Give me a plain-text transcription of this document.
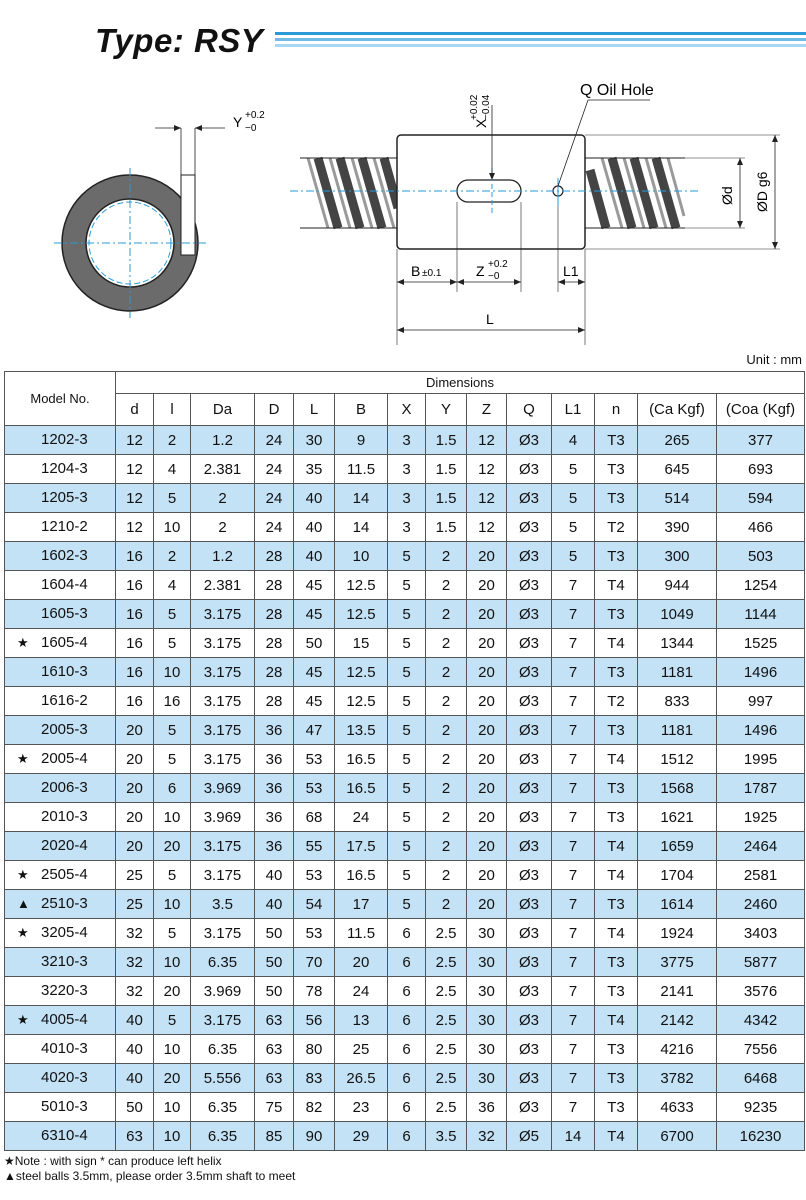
Type: RSY
Y +0.2
−0	X
+0.02 −0.04
Q Oil Hole
Ød ØD g6
B ±0.1 Z +0.2
−0	L1
L
Unit : mm
Model No.	Dimensions													
	d	l	Da	D	L	B	X	Y	Z	Q	L1	n	(Ca Kgf)	(Coa (Kgf)

1202-3	12	2	1.2	24	30	9	3	1.5	12	Ø3	4	T3	265	377

1204-3	12	4	2.381	24	35	11.5	3	1.5	12	Ø3	5	T3	645	693

1205-3	12	5	2	24	40	14	3	1.5	12	Ø3	5	T3	514	594

1210-2	12	10	2	24	40	14	3	1.5	12	Ø3	5	T2	390	466

1602-3	16	2	1.2	28	40	10	5	2	20	Ø3	5	T3	300	503

1604-4	16	4	2.381	28	45	12.5	5	2	20	Ø3	7	T4	944	1254

1605-3	16	5	3.175	28	45	12.5	5	2	20	Ø3	7	T3	1049	1144

★ 1605-4	16	5	3.175	28	50	15	5	2	20	Ø3	7	T4	1344	1525

1610-3	16	10	3.175	28	45	12.5	5	2	20	Ø3	7	T3	1181	1496

1616-2	16	16	3.175	28	45	12.5	5	2	20	Ø3	7	T2	833	997

2005-3	20	5	3.175	36	47	13.5	5	2	20	Ø3	7	T3	1181	1496

★ 2005-4	20	5	3.175	36	53	16.5	5	2	20	Ø3	7	T4	1512	1995

2006-3	20	6	3.969	36	53	16.5	5	2	20	Ø3	7	T3	1568	1787

2010-3	20	10	3.969	36	68	24	5	2	20	Ø3	7	T3	1621	1925

2020-4	20	20	3.175	36	55	17.5	5	2	20	Ø3	7	T4	1659	2464

★ 2505-4	25	5	3.175	40	53	16.5	5	2	20	Ø3	7	T4	1704	2581

▲ 2510-3	25	10	3.5	40	54	17	5	2	20	Ø3	7	T3	1614	2460

★ 3205-4	32	5	3.175	50	53	11.5	6	2.5	30	Ø3	7	T4	1924	3403

3210-3	32	10	6.35	50	70	20	6	2.5	30	Ø3	7	T3	3775	5877

3220-3	32	20	3.969	50	78	24	6	2.5	30	Ø3	7	T3	2141	3576

★ 4005-4	40	5	3.175	63	56	13	6	2.5	30	Ø3	7	T4	2142	4342

4010-3	40	10	6.35	63	80	25	6	2.5	30	Ø3	7	T3	4216	7556

4020-3	40	20	5.556	63	83	26.5	6	2.5	30	Ø3	7	T3	3782	6468

5010-3	50	10	6.35	75	82	23	6	2.5	36	Ø3	7	T3	4633	9235

6310-4	63	10	6.35	85	90	29	6	3.5	32	Ø5	14	T4	6700	16230
★Note : with sign * can produce left helix
▲steel balls 3.5mm, please order 3.5mm shaft to meet
